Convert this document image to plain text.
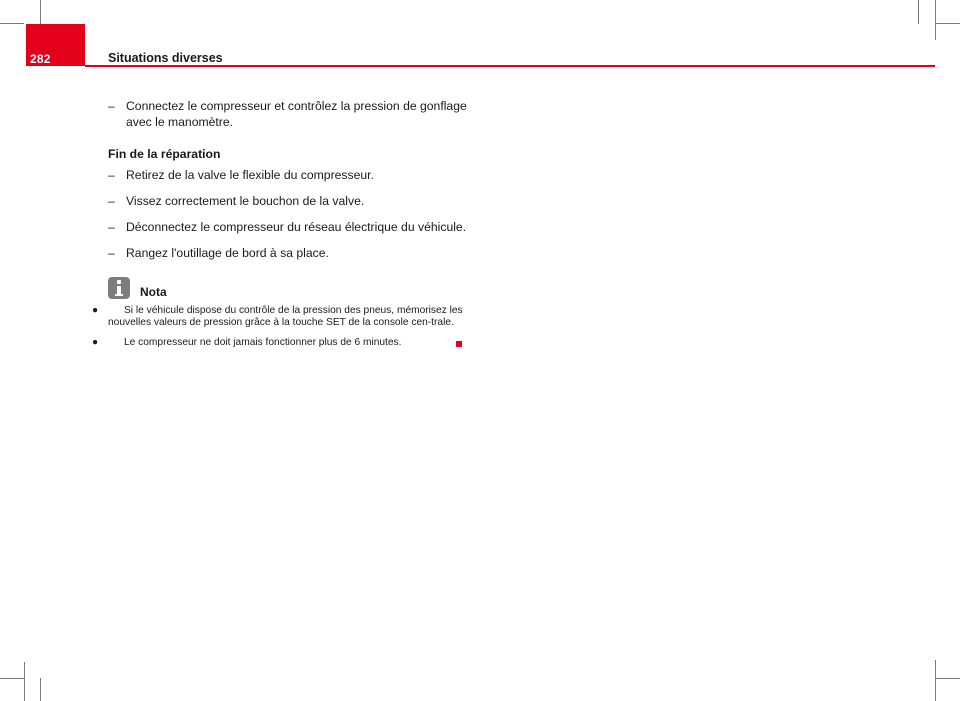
282	Situations diverses
– Connectez le compresseur et contrôlez la pression de gonflage avec le manomètre.
Fin de la réparation
– Retirez de la valve le flexible du compresseur.
– Vissez correctement le bouchon de la valve.
– Déconnectez le compresseur du réseau électrique du véhicule.
– Rangez l'outillage de bord à sa place.
Nota
●	Si le véhicule dispose du contrôle de la pression des pneus, mémorisez les nouvelles valeurs de pression grâce à la touche SET de la console cen-trale.
●	Le compresseur ne doit jamais fonctionner plus de 6 minutes.
